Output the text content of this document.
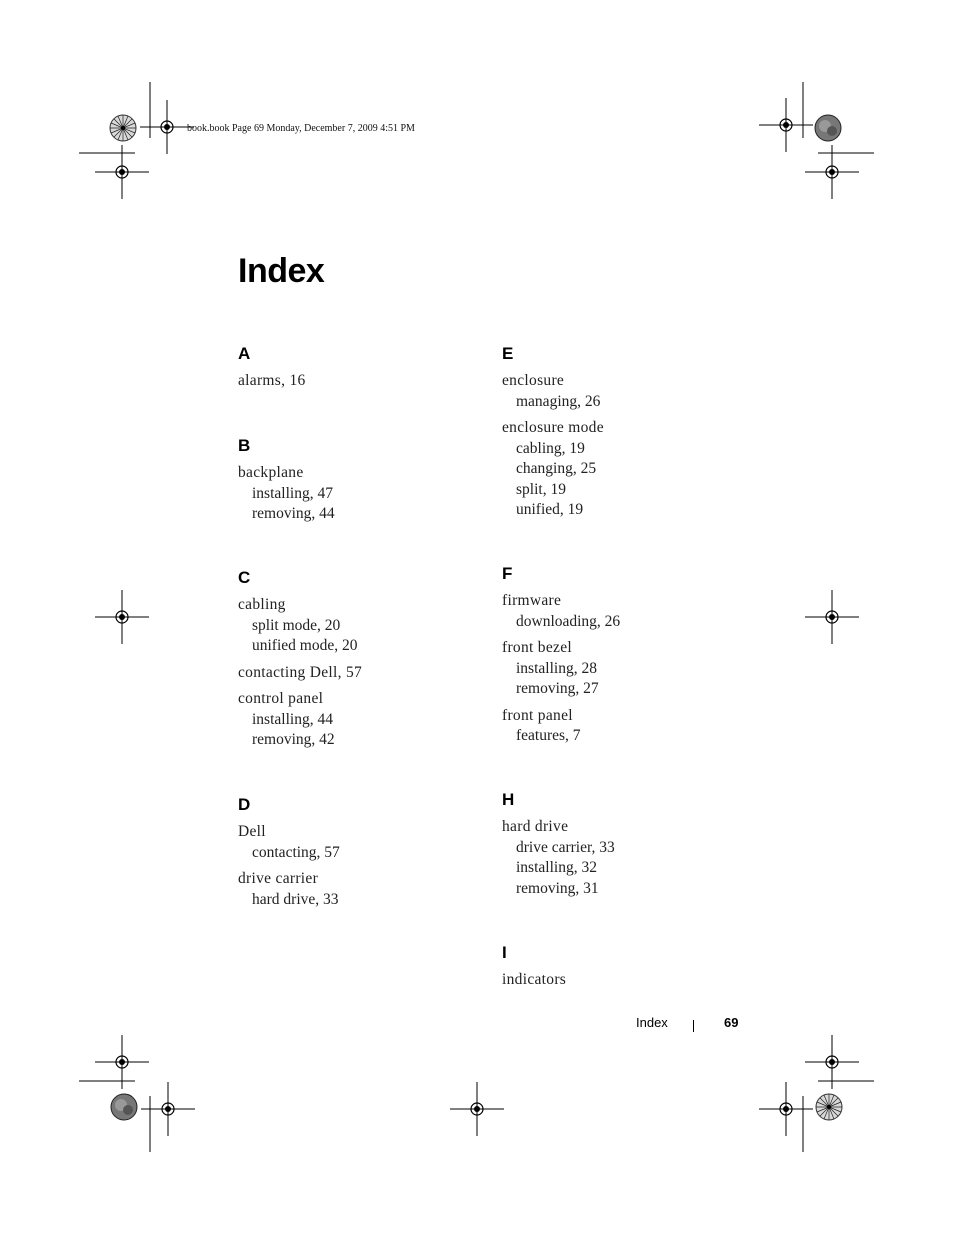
book.book Page 69 Monday, December 7, 2009 4:51 PM
Index
A
alarms, 16
B
backplane
installing, 47
removing, 44
C
cabling
split mode, 20
unified mode, 20
contacting Dell, 57
control panel
installing, 44
removing, 42
D
Dell
contacting, 57
drive carrier
hard drive, 33
E
enclosure
managing, 26
enclosure mode
cabling, 19
changing, 25
split, 19
unified, 19
F
firmware
downloading, 26
front bezel
installing, 28
removing, 27
front panel
features, 7
H
hard drive
drive carrier, 33
installing, 32
removing, 31
I
indicators
Index	69
